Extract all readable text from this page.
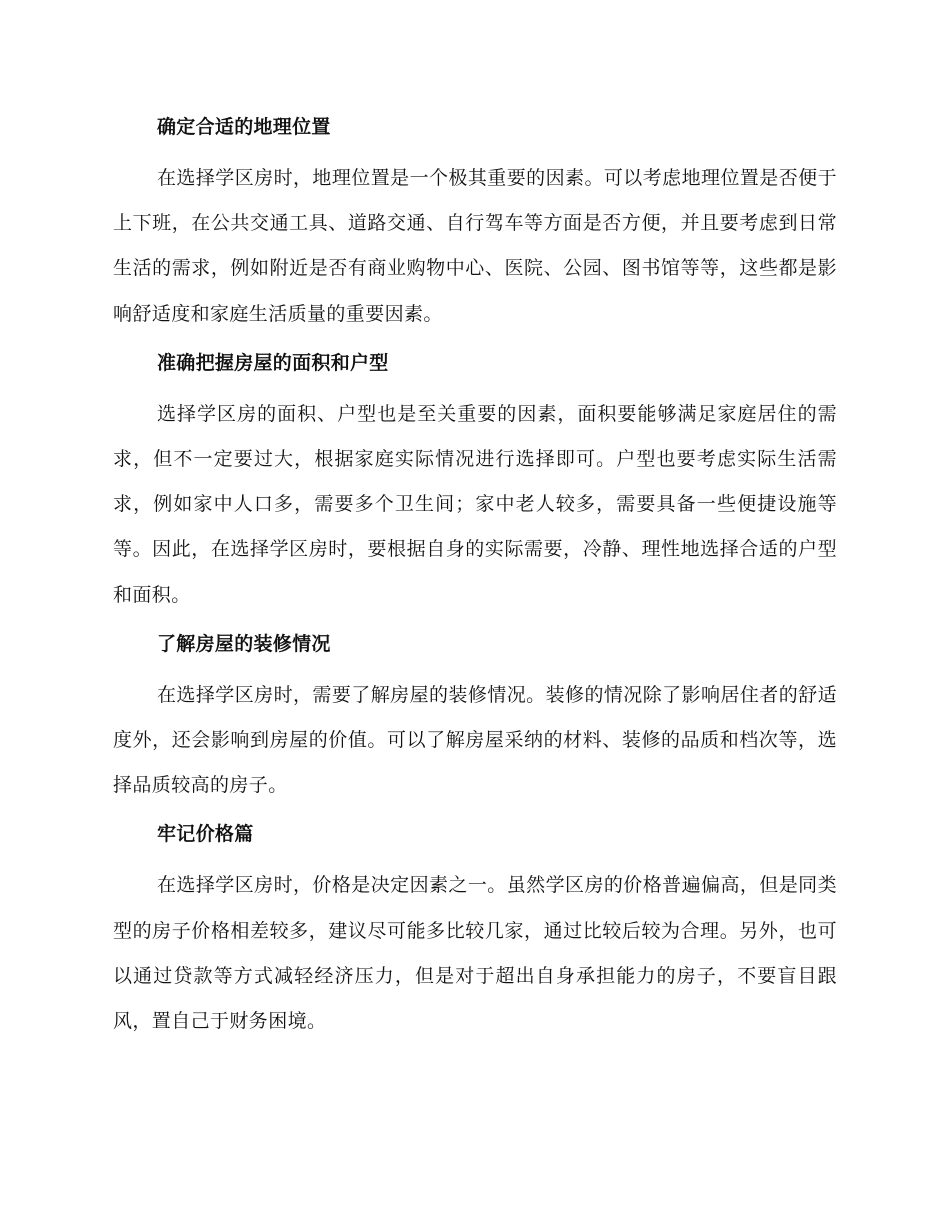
确定合适的地理位置

在选择学区房时，地理位置是一个极其重要的因素。可以考虑地理位置是否便于上下班，在公共交通工具、道路交通、自行驾车等方面是否方便，并且要考虑到日常生活的需求，例如附近是否有商业购物中心、医院、公园、图书馆等等，这些都是影响舒适度和家庭生活质量的重要因素。

准确把握房屋的面积和户型

选择学区房的面积、户型也是至关重要的因素，面积要能够满足家庭居住的需求，但不一定要过大，根据家庭实际情况进行选择即可。户型也要考虑实际生活需求，例如家中人口多，需要多个卫生间；家中老人较多，需要具备一些便捷设施等等。因此，在选择学区房时，要根据自身的实际需要，冷静、理性地选择合适的户型和面积。

了解房屋的装修情况

在选择学区房时，需要了解房屋的装修情况。装修的情况除了影响居住者的舒适度外，还会影响到房屋的价值。可以了解房屋采纳的材料、装修的品质和档次等，选择品质较高的房子。

牢记价格篇

在选择学区房时，价格是决定因素之一。虽然学区房的价格普遍偏高，但是同类型的房子价格相差较多，建议尽可能多比较几家，通过比较后较为合理。另外，也可以通过贷款等方式减轻经济压力，但是对于超出自身承担能力的房子，不要盲目跟风，置自己于财务困境。
